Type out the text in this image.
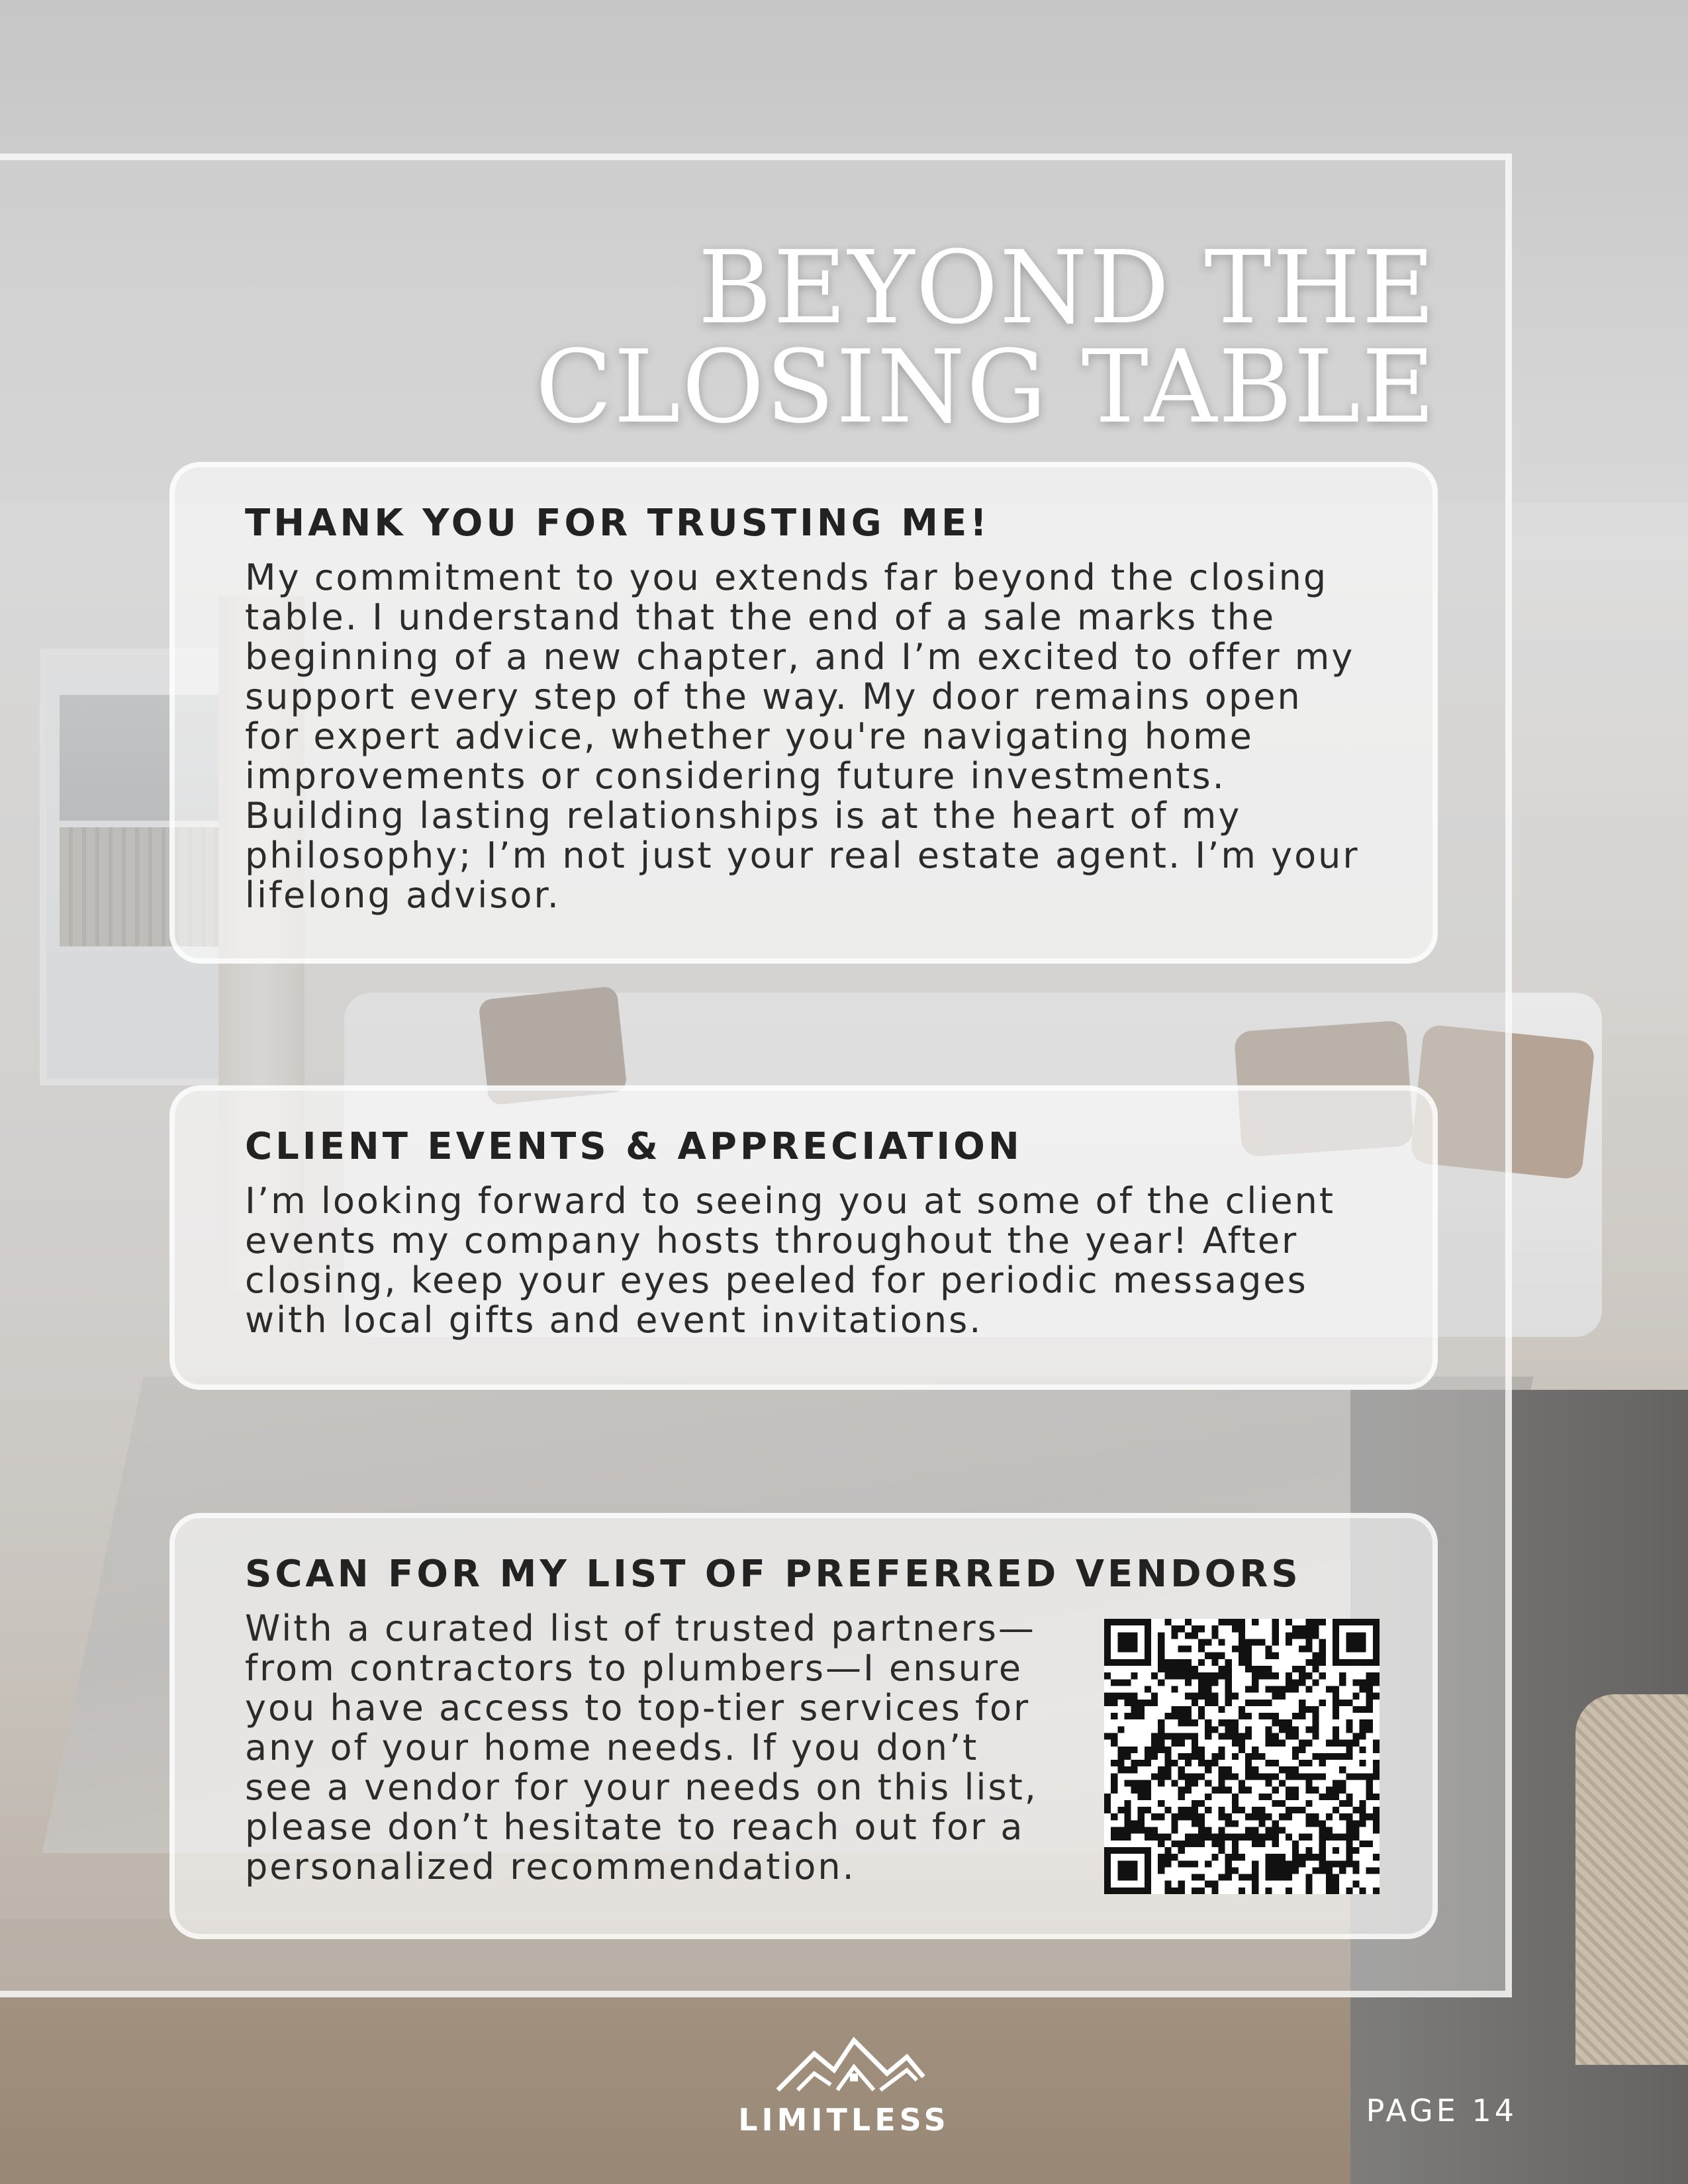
BEYOND THE
CLOSING TABLE
THANK YOU FOR TRUSTING ME!

My commitment to you extends far beyond the closing table. I understand that the end of a sale marks the beginning of a new chapter, and I’m excited to offer my support every step of the way. My door remains open for expert advice, whether you're navigating home improvements or considering future investments. Building lasting relationships is at the heart of my philosophy; I’m not just your real estate agent. I’m your lifelong advisor.

CLIENT EVENTS & APPRECIATION

I’m looking forward to seeing you at some of the client events my company hosts throughout the year! After closing, keep your eyes peeled for periodic messages with local gifts and event invitations.

SCAN FOR MY LIST OF PREFERRED VENDORS

With a curated list of trusted partners—from contractors to plumbers—I ensure you have access to top-tier services for any of your home needs. If you don’t see a vendor for your needs on this list, please don’t hesitate to reach out for a personalized recommendation.

LIMITLESS	PAGE 14
